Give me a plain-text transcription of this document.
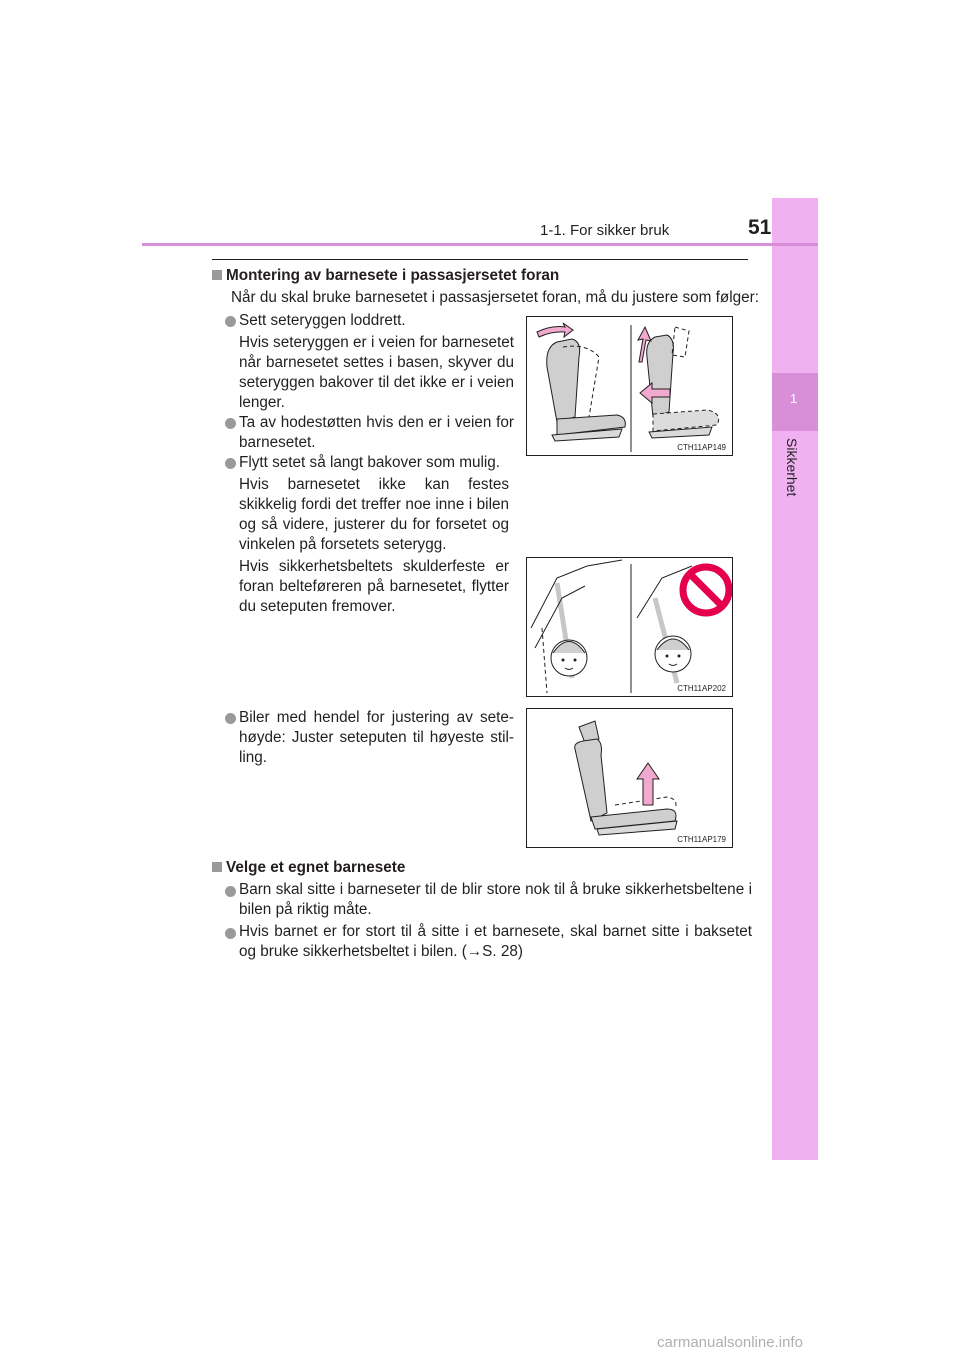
1
Sikkerhet
1-1. For sikker bruk	51
Montering av barnesete i passasjersetet foran
Når du skal bruke barnesetet i passasjersetet foran, må du justere som følger:
Sett seteryggen loddrett.
Hvis seteryggen er i veien for barnesetet når barnesetet settes i basen, skyver du seteryggen bakover til det ikke er i veien lenger.
Ta av hodestøtten hvis den er i veien for barnesetet.
Flytt setet så langt bakover som mulig.
Hvis barnesetet ikke kan festes skikkelig fordi det treffer noe inne i bilen og så videre, justerer du for forsetet og vinkelen på forsetets seterygg.
Hvis sikkerhetsbeltets skulderfeste er foran belteføreren på barnesetet, flytter du seteputen fremover.
Biler med hendel for justering av sete- høyde: Juster seteputen til høyeste stil- ling.
CTH11AP149
CTH11AP202
CTH11AP179
Velge et egnet barnesete
Barn skal sitte i barneseter til de blir store nok til å bruke sikkerhetsbeltene i bilen på riktig måte.
Hvis barnet er for stort til å sitte i et barnesete, skal barnet sitte i baksetet og bruke sikkerhetsbeltet i bilen. (→S. 28)
carmanualsonline.info
